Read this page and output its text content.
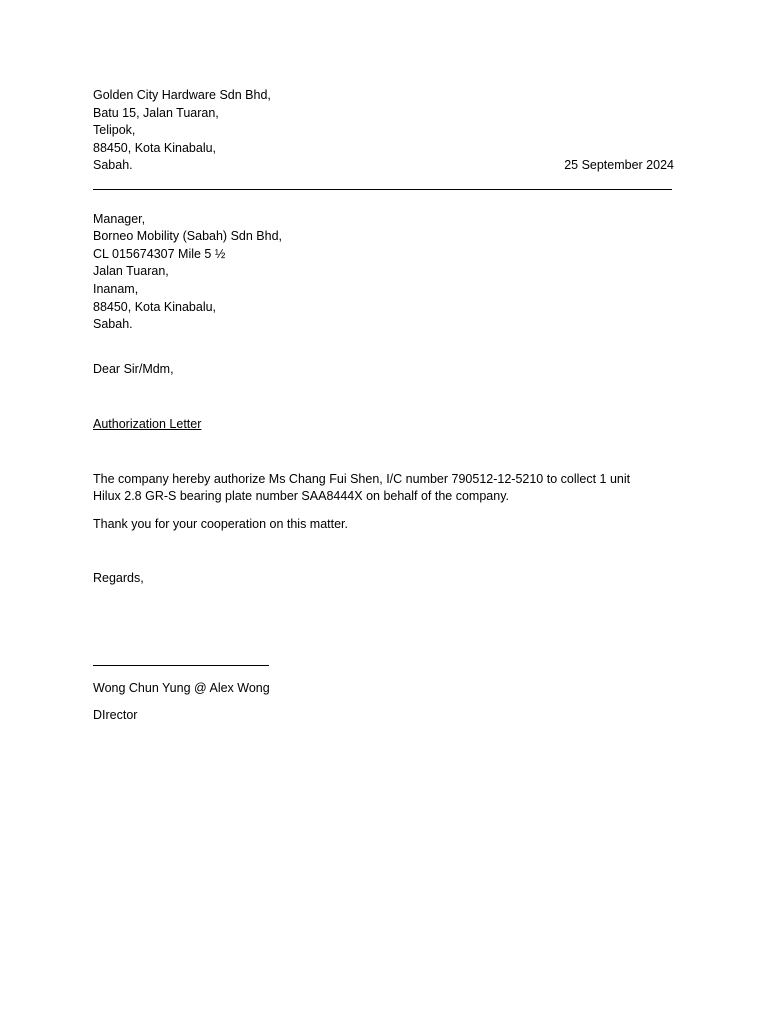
Golden City Hardware Sdn Bhd,
Batu 15, Jalan Tuaran,
Telipok,
88450, Kota Kinabalu,
Sabah.	25 September 2024
Manager,
Borneo Mobility (Sabah) Sdn Bhd,
CL 015674307 Mile 5 ½
Jalan Tuaran,
Inanam,
88450, Kota Kinabalu,
Sabah.
Dear Sir/Mdm,
Authorization Letter
The company hereby authorize Ms Chang Fui Shen, I/C number 790512-12-5210 to collect 1 unit
Hilux 2.8 GR-S bearing plate number SAA8444X on behalf of the company.
Thank you for your cooperation on this matter.
Regards,
Wong Chun Yung @ Alex Wong
DIrector
